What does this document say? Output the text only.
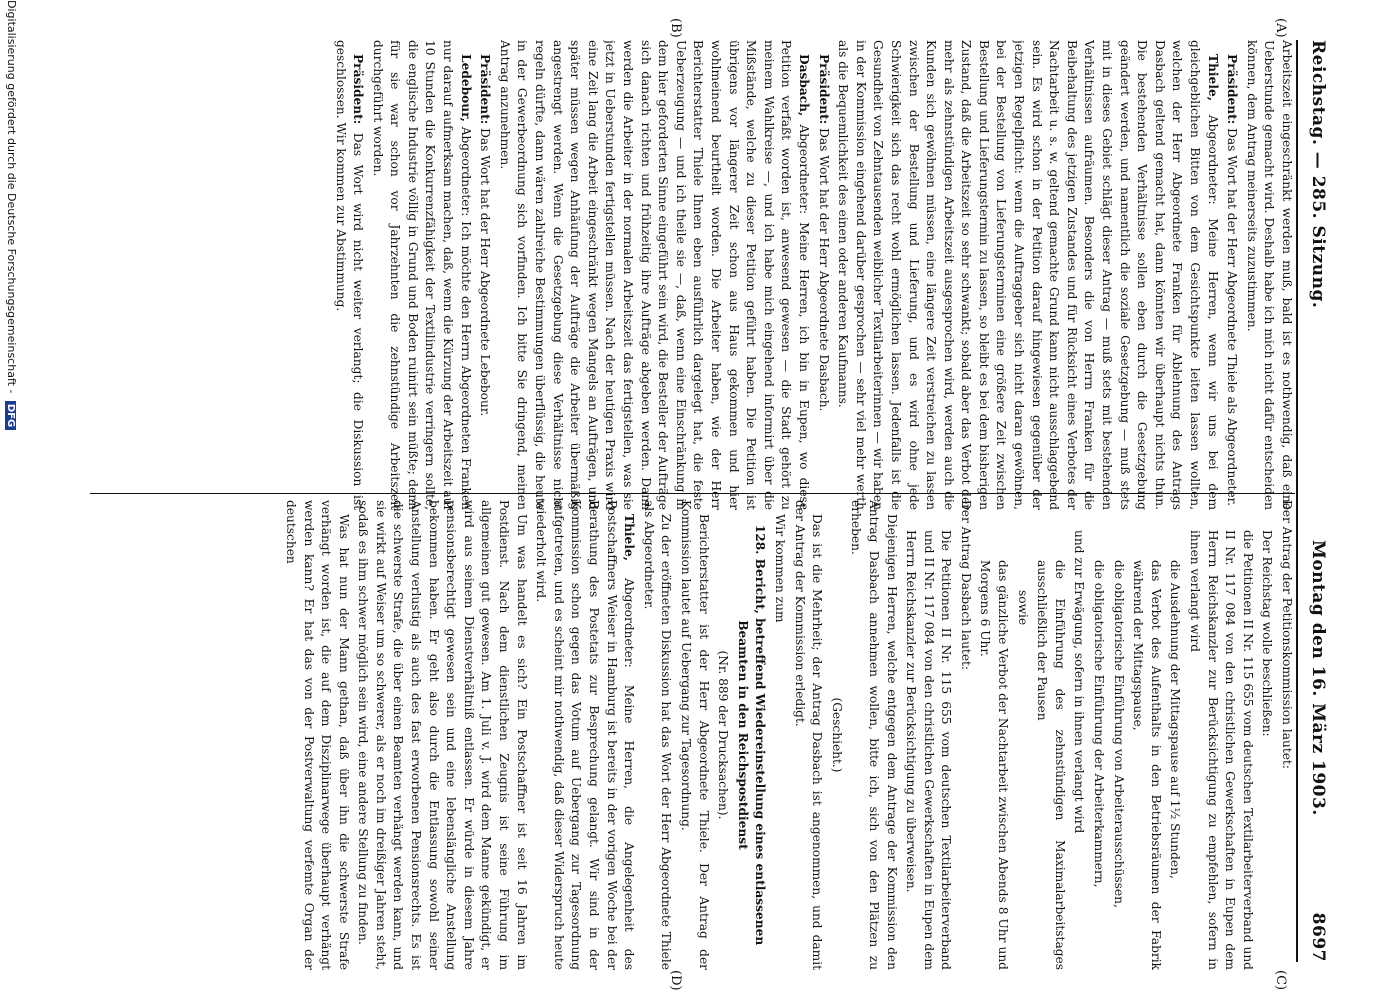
Reichstag. — 285. Sitzung.
Montag den 16. März 1903.
8697
(A)
(B)
(C)
(D)

Arbeitszeit eingeschränkt werden muß, bald ist es nothwendig, daß eine Ueberstunde gemacht wird. Deshalb habe ich mich nicht dafür entscheiden können, dem Antrag meinerseits zuzustimmen.

Präsident: Das Wort hat der Herr Abgeordnete Thiele als Abgeordneter.

Thiele, Abgeordneter: Meine Herren, wenn wir uns bei dem gleichgeblichen Bitten von dem Gesichtspunkte leiten lassen wollten, welchen der Herr Abgeordnete Franken für Ablehnung des Antrags Dasbach geltend gemacht hat, dann könnten wir überhaupt nichts thun. Die bestehenden Verhältnisse sollen eben durch die Gesetzgebung geändert werden, und namentlich die soziale Gesetzgebung — muß stets mit in dieses Gebiet schlägt dieser Antrag — muß stets mit bestehenden Verhältnissen aufräumen. Besonders die von Herrn Franken für die Beibehaltung des jetzigen Zustandes und für Rücksicht eines Verbotes der Nachtarbeit u. s. w. geltend gemachte Grund kann nicht ausschlaggebend sein. Es wird schon in der Petition darauf hingewiesen gegenüber der jetzigen Regelpflicht: wenn die Auftraggeber sich nicht daran gewöhnen, bei der Bestellung von Lieferungsterminen eine größere Zeit zwischen Bestellung und Lieferungstermin zu lassen, so bleibt es bei dem bisherigen Zustand, daß die Arbeitszeit so sehr schwankt; sobald aber das Verbot der mehr als zehnstündigen Arbeitszeit ausgesprochen wird, werden auch die Kunden sich gewöhnen müssen, eine längere Zeit verstreichen zu lassen zwischen der Bestellung und Lieferung, und es wird ohne jede Schwierigkeit sich das recht wohl ermöglichen lassen. Jedenfalls ist die Gesundheit von Zehntausenden weiblicher Textilarbeiterinnen — wir haben in der Kommission eingehend darüber gesprochen — sehr viel mehr werth als die Bequemlichkeit des einen oder anderen Kaufmanns.

Präsident: Das Wort hat der Herr Abgeordnete Dasbach.

Dasbach, Abgeordneter: Meine Herren, ich bin in Eupen, wo diese Petition verfaßt worden ist, anwesend gewesen — die Stadt gehört zu meinem Wahlkreise —, und ich habe mich eingehend informirt über die Mißstände, welche zu dieser Petition geführt haben. Die Petition ist übrigens vor längerer Zeit schon aus Haus gekommen und hier wohlmeinend beurtheilt worden. Die Arbeiter haben, wie der Herr Berichterstatter Thiele Ihnen eben ausführlich dargelegt hat, die feste Ueberzeugung — und ich theile sie —, daß, wenn eine Einschränkung in dem hier geforderten Sinne eingeführt sein wird, die Besteller der Aufträge sich danach richten und frühzeitig ihre Aufträge abgeben werden. Dann werden die Arbeiter in der normalen Arbeitszeit das fertigstellen, was sie jetzt in Ueberstunden fertigstellen müssen. Nach der heutigen Praxis wird eine Zeit lang die Arbeit eingeschränkt wegen Mangels an Aufträgen, und später müssen wegen Anhäufung der Aufträge die Arbeiter übermäßig angestrengt werden. Wenn die Gesetzgebung diese Verhältnisse nicht regeln dürfte, dann wären zahlreiche Bestimmungen überflüssig, die heute in der Gewerbeordnung sich vorfinden. Ich bitte Sie dringend, meinen Antrag anzunehmen.

Präsident: Das Wort hat der Herr Abgeordnete Lebebour.

Ledebour, Abgeordneter: Ich möchte den Herrn Abgeordneten Franken nur darauf aufmerksam machen, daß, wenn die Kürzung der Arbeitszeit auf 10 Stunden die Konkurrenzfähigkeit der Textilindustrie verringern sollte, die englische Industrie völlig in Grund und Boden ruinirt sein müßte; denn für sie war schon vor Jahrzehnten die zehnstündige Arbeitszeit durchgeführt worden.

Präsident: Das Wort wird nicht weiter verlangt; die Diskussion ist geschlossen. Wir kommen zur Abstimmung.

Der Antrag der Petitionskommission lautet:

Der Reichstag wolle beschließen:

die Petitionen II Nr. 115 655 vom deutschen Textilarbeiterverband und II Nr. 117 084 von den christlichen Gewerkschaften in Eupen dem Herrn Reichskanzler zur Berücksichtigung zu empfehlen, sofern in ihnen verlangt wird

die Ausdehnung der Mittagspause auf 1½ Stunden,

das Verbot des Aufenthalts in den Betriebsräumen der Fabrik während der Mittagspause,

die obligatorische Einführung von Arbeiterausschüssen,

die obligatorische Einführung der Arbeiterkammern,

und zur Erwägung, sofern in ihnen verlangt wird

die Einführung des zehnstündigen Maximalarbeitstages ausschließlich der Pausen

sowie

das gänzliche Verbot der Nachtarbeit zwischen Abends 8 Uhr und Morgens 6 Uhr.

Der Antrag Dasbach lautet:

Die Petitionen II Nr. 115 655 vom deutschen Textilarbeiterverband und II Nr. 117 084 von den christlichen Gewerkschaften in Eupen dem Herrn Reichskanzler zur Berücksichtigung zu überweisen.

Diejenigen Herren, welche entgegen dem Antrage der Kommission den Antrag Dasbach annehmen wollen, bitte ich, sich von den Plätzen zu erheben.

(Geschieht.)

Das ist die Mehrheit; der Antrag Dasbach ist angenommen, und damit der Antrag der Kommission erledigt.

Wir kommen zum

128. Bericht, betreffend Wiedereinstellung eines entlassenen Beamten in den Reichspostdienst

(Nr. 889 der Drucksachen).

Berichterstatter ist der Herr Abgeordnete Thiele. Der Antrag der Kommission lautet auf Uebergang zur Tagesordnung.

Zu der eröffneten Diskussion hat das Wort der Herr Abgeordnete Thiele als Abgeordneter.

Thiele, Abgeordneter: Meine Herren, die Angelegenheit des Postschaffners Weiser in Hamburg ist bereits in der vorigen Woche bei der Berathung des Postetats zur Besprechung gelangt. Wir sind in der Kommission schon gegen das Votum auf Uebergang zur Tagesordnung aufgetreten, und es scheint mir nothwendig, daß dieser Widerspruch heute wiederholt wird.

Um was handelt es sich? Ein Postschaffner ist seit 16 Jahren im Postdienst. Nach dem dienstlichen Zeugnis ist seine Führung im allgemeinen gut gewesen. Am 1. Juli v. J. wird dem Manne gekündigt, er wird aus seinem Dienstverhältniß entlassen. Er würde in diesem Jahre pensionsberechtigt gewesen sein und eine lebenslängliche Anstellung bekommen haben. Er geht also durch die Entlassung sowohl seiner Anstellung verlustig als auch des fast erworbenen Pensionsrechts. Es ist die schwerste Strafe, die über einen Beamten verhängt werden kann, und sie wirkt auf Weiser um so schwerer, als er noch im dreißiger Jahren steht, sodaß es ihm schwer möglich sein wird, eine andere Stellung zu finden.

Was hat nun der Mann gethan, daß über ihn die schwerste Strafe verhängt worden ist, die auf dem Disziplinarwege überhaupt verhängt werden kann? Er hat das von der Postverwaltung verfemte Organ der deutschen

Digitalisierung gefördert durch die Deutsche Forschungsgemeinschaft - DFG
